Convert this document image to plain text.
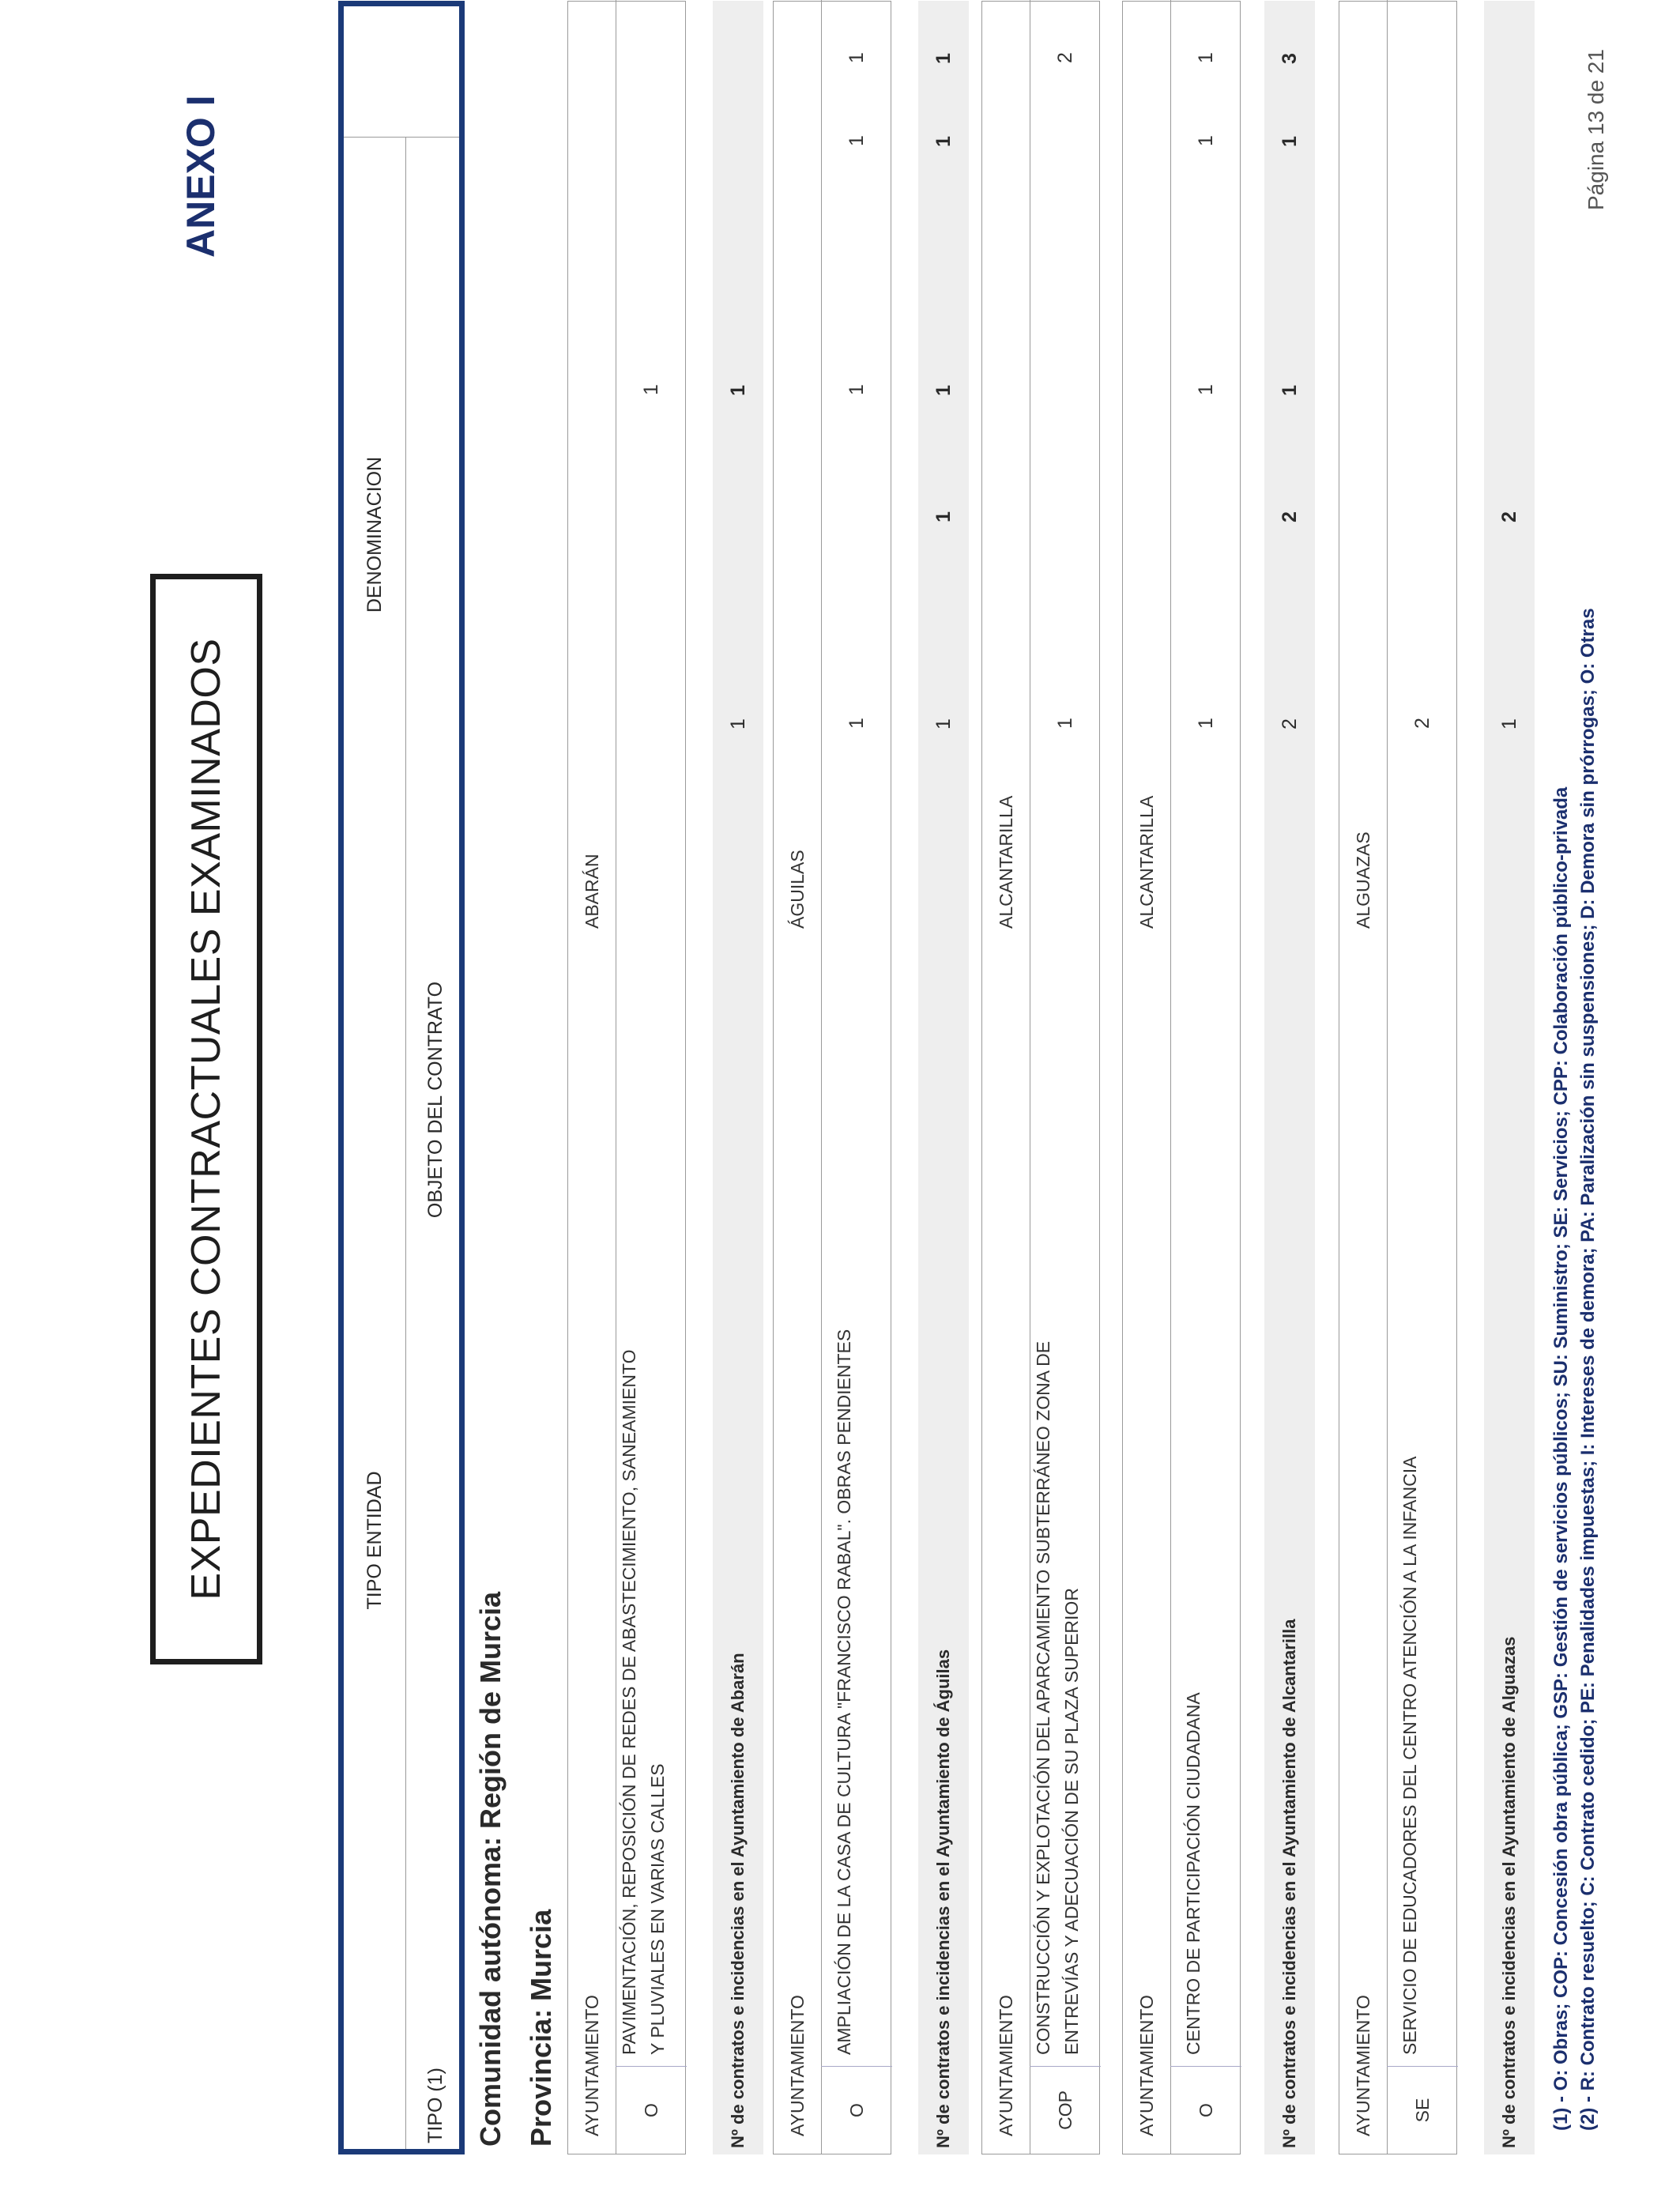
EXPEDIENTES CONTRACTUALES EXAMINADOS
ANEXO I
TIPO ENTIDAD
DENOMINACION
TIPO (1)
OBJETO DEL CONTRATO
Comunidad autónoma: Región de Murcia Provincia: Murcia	AYUNTAMIENTO
ABARÁN
O
PAVIMENTACIÓN, REPOSICIÓN DE REDES DE ABASTECIMIENTO, SANEAMIENTO Y PLUVIALES EN VARIAS CALLES
1
Nº de contratos e incidencias en el Ayuntamiento de Abarán
1
1
AYUNTAMIENTO
ÁGUILAS
O
AMPLIACIÓN DE LA CASA DE CULTURA "FRANCISCO RABAL". OBRAS PENDIENTES
1
1
1
1
Nº de contratos e incidencias en el Ayuntamiento de Águilas
1
1
1
1
1
AYUNTAMIENTO
ALCANTARILLA
COP
CONSTRUCCIÓN Y EXPLOTACIÓN DEL APARCAMIENTO SUBTERRÁNEO ZONA DE ENTREVÍAS Y ADECUACIÓN DE SU PLAZA SUPERIOR
1
2
AYUNTAMIENTO
ALCANTARILLA
O
CENTRO DE PARTICIPACIÓN CIUDADANA
1
1
1
1
Nº de contratos e incidencias en el Ayuntamiento de Alcantarilla
2
2
1
1
3
AYUNTAMIENTO
ALGUAZAS
SE
SERVICIO DE EDUCADORES DEL CENTRO ATENCIÓN A LA INFANCIA
2
Nº de contratos e incidencias en el Ayuntamiento de Alguazas
1
2
(1) - O: Obras; COP: Concesión obra pública; GSP: Gestión de servicios públicos; SU: Suministro; SE: Servicios; CPP: Colaboración público-privada (2) - R: Contrato resuelto; C: Contrato cedido; PE: Penalidades impuestas; I: Intereses de demora; PA: Paralización sin suspensiones; D: Demora sin prórrogas; O: Otras
Página 13 de 21
